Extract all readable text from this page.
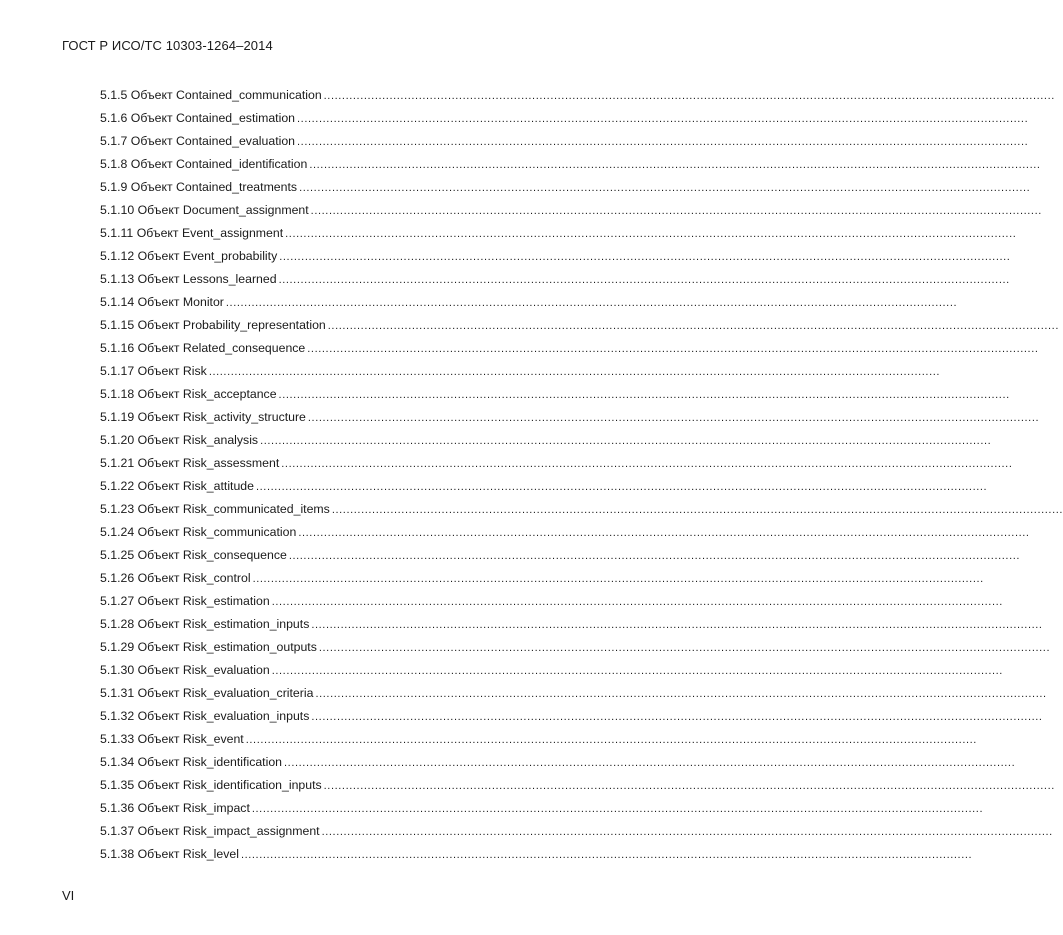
ГОСТ Р ИСО/ТС 10303-1264–2014
5.1.5 Объект Contained_communication ........................................................................................................................................................................................................
5.1.6 Объект Contained_estimation ........................................................................................................................................................................................................
5.1.7 Объект Contained_evaluation ........................................................................................................................................................................................................
5.1.8 Объект Contained_identification ........................................................................................................................................................................................................
5.1.9 Объект Contained_treatments ........................................................................................................................................................................................................
5.1.10 Объект Document_assignment ........................................................................................................................................................................................................
5.1.11 Объект Event_assignment ........................................................................................................................................................................................................
5.1.12 Объект Event_probability ........................................................................................................................................................................................................
5.1.13 Объект Lessons_learned ........................................................................................................................................................................................................
5.1.14 Объект Monitor ........................................................................................................................................................................................................
5.1.15 Объект Probability_representation ........................................................................................................................................................................................................
5.1.16 Объект Related_consequence ........................................................................................................................................................................................................
5.1.17 Объект Risk ........................................................................................................................................................................................................
5.1.18 Объект Risk_acceptance ........................................................................................................................................................................................................
5.1.19 Объект Risk_activity_structure ........................................................................................................................................................................................................
5.1.20 Объект Risk_analysis ........................................................................................................................................................................................................
5.1.21 Объект Risk_assessment ........................................................................................................................................................................................................
5.1.22 Объект Risk_attitude ........................................................................................................................................................................................................
5.1.23 Объект Risk_communicated_items ........................................................................................................................................................................................................
5.1.24 Объект Risk_communication ........................................................................................................................................................................................................
5.1.25 Объект Risk_consequence ........................................................................................................................................................................................................
5.1.26 Объект Risk_control ........................................................................................................................................................................................................
5.1.27 Объект Risk_estimation ........................................................................................................................................................................................................
5.1.28 Объект Risk_estimation_inputs ........................................................................................................................................................................................................
5.1.29 Объект Risk_estimation_outputs ........................................................................................................................................................................................................
5.1.30 Объект Risk_evaluation ........................................................................................................................................................................................................
5.1.31 Объект Risk_evaluation_criteria ........................................................................................................................................................................................................
5.1.32 Объект Risk_evaluation_inputs ........................................................................................................................................................................................................
5.1.33 Объект Risk_event ........................................................................................................................................................................................................
5.1.34 Объект Risk_identification ........................................................................................................................................................................................................
5.1.35 Объект Risk_identification_inputs ........................................................................................................................................................................................................
5.1.36 Объект Risk_impact ........................................................................................................................................................................................................
5.1.37 Объект Risk_impact_assignment ........................................................................................................................................................................................................
5.1.38 Объект Risk_level ........................................................................................................................................................................................................
VI
